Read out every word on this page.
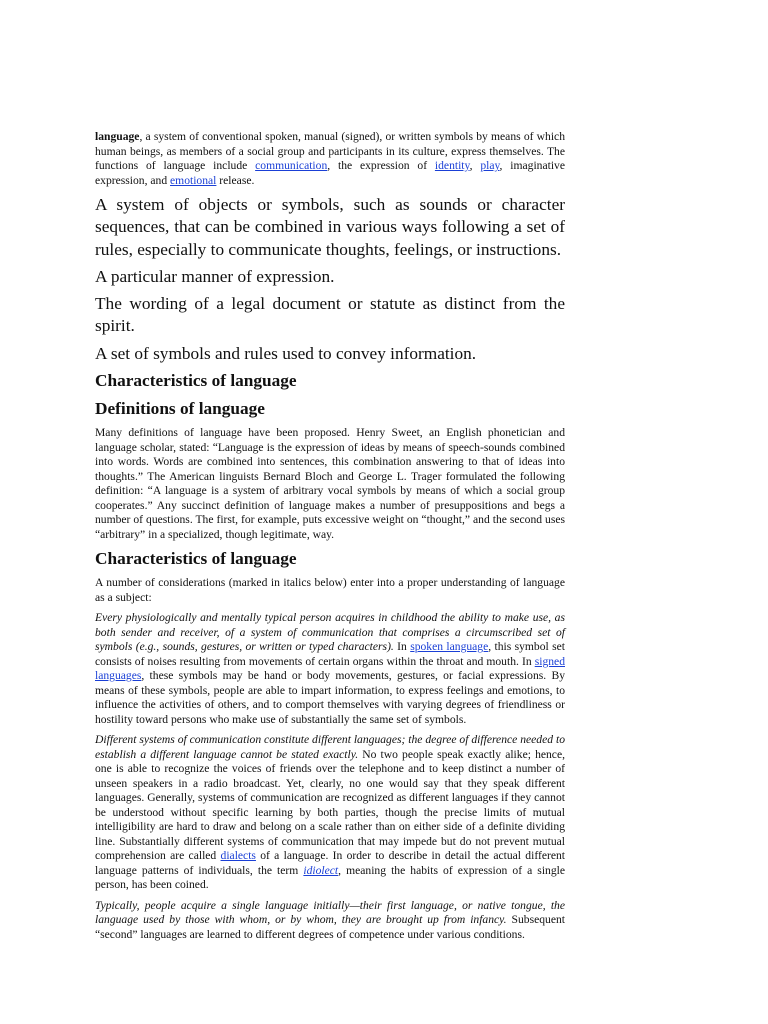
language, a system of conventional spoken, manual (signed), or written symbols by means of which human beings, as members of a social group and participants in its culture, express themselves. The functions of language include communication, the expression of identity, play, imaginative expression, and emotional release.

A system of objects or symbols, such as sounds or character sequences, that can be combined in various ways following a set of rules, especially to communicate thoughts, feelings, or instructions.

A particular manner of expression.

The wording of a legal document or statute as distinct from the spirit.

A set of symbols and rules used to convey information.

Characteristics of language
Definitions of language

Many definitions of language have been proposed. Henry Sweet, an English phonetician and language scholar, stated: “Language is the expression of ideas by means of speech-sounds combined into words. Words are combined into sentences, this combination answering to that of ideas into thoughts.” The American linguists Bernard Bloch and George L. Trager formulated the following definition: “A language is a system of arbitrary vocal symbols by means of which a social group cooperates.” Any succinct definition of language makes a number of presuppositions and begs a number of questions. The first, for example, puts excessive weight on “thought,” and the second uses “arbitrary” in a specialized, though legitimate, way.

Characteristics of language

A number of considerations (marked in italics below) enter into a proper understanding of language as a subject:

Every physiologically and mentally typical person acquires in childhood the ability to make use, as both sender and receiver, of a system of communication that comprises a circumscribed set of symbols (e.g., sounds, gestures, or written or typed characters). In spoken language, this symbol set consists of noises resulting from movements of certain organs within the throat and mouth. In signed languages, these symbols may be hand or body movements, gestures, or facial expressions. By means of these symbols, people are able to impart information, to express feelings and emotions, to influence the activities of others, and to comport themselves with varying degrees of friendliness or hostility toward persons who make use of substantially the same set of symbols.

Different systems of communication constitute different languages; the degree of difference needed to establish a different language cannot be stated exactly. No two people speak exactly alike; hence, one is able to recognize the voices of friends over the telephone and to keep distinct a number of unseen speakers in a radio broadcast. Yet, clearly, no one would say that they speak different languages. Generally, systems of communication are recognized as different languages if they cannot be understood without specific learning by both parties, though the precise limits of mutual intelligibility are hard to draw and belong on a scale rather than on either side of a definite dividing line. Substantially different systems of communication that may impede but do not prevent mutual comprehension are called dialects of a language. In order to describe in detail the actual different language patterns of individuals, the term idiolect, meaning the habits of expression of a single person, has been coined.

Typically, people acquire a single language initially—their first language, or native tongue, the language used by those with whom, or by whom, they are brought up from infancy. Subsequent “second” languages are learned to different degrees of competence under various conditions.
